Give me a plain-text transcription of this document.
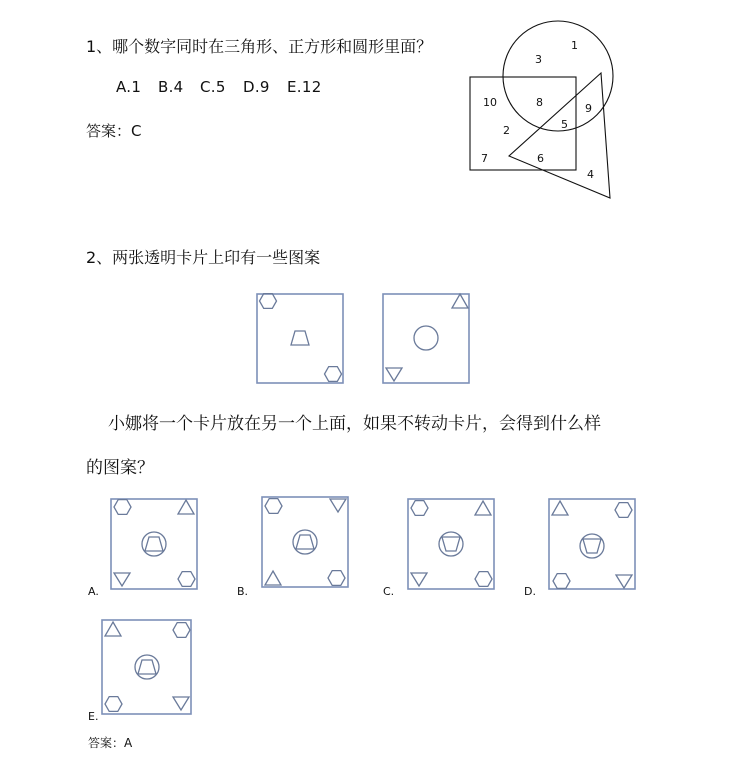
1、哪个数字同时在三角形、正方形和圆形里面？
A.1 B.4 C.5 D.9 E.12
答案：C
1
3
10	8	9
2	5
7	6
4
2、两张透明卡片上印有一些图案
小娜将一个卡片放在另一个上面，如果不转动卡片，会得到什么样
的图案？
A.	B.	C.	D.
E.
答案：A
